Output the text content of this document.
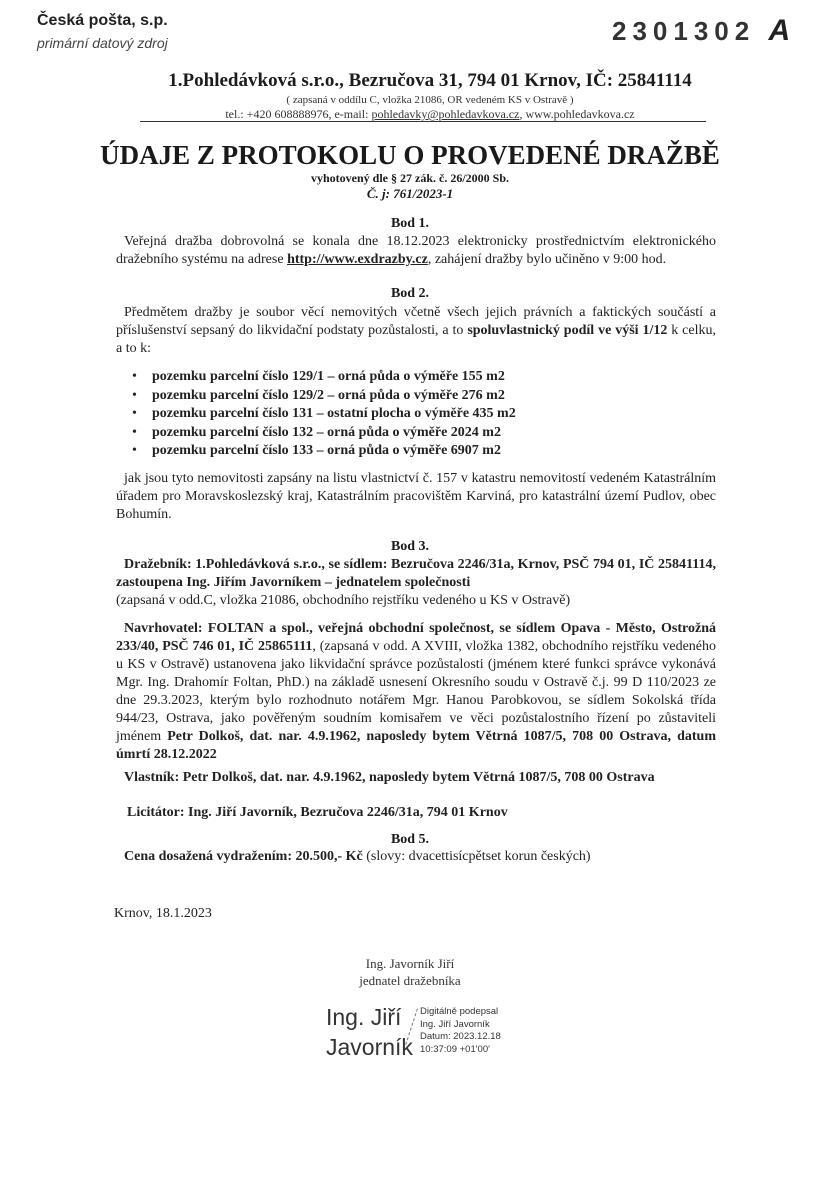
Česká pošta, s.p.
primární datový zdroj	2301302 A
1.Pohledávková s.r.o., Bezručova 31, 794 01 Krnov, IČ: 25841114
( zapsaná v oddílu C, vložka 21086, OR vedeném KS v Ostravě )
tel.: +420 608888976, e-mail: pohledavky@pohledavkova.cz, www.pohledavkova.cz
ÚDAJE Z PROTOKOLU O PROVEDENÉ DRAŽBĚ
vyhotovený dle § 27 zák. č. 26/2000 Sb.
Č. j: 761/2023-1
Bod 1.
Veřejná dražba dobrovolná se konala dne 18.12.2023 elektronicky prostřednictvím elektronického dražebního systému na adrese http://www.exdrazby.cz, zahájení dražby bylo učiněno v 9:00 hod.
Bod 2.
Předmětem dražby je soubor věcí nemovitých včetně všech jejich právních a faktických součástí a příslušenství sepsaný do likvidační podstaty pozůstalosti, a to spoluvlastnický podíl ve výši 1/12 k celku, a to k:
• pozemku parcelní číslo 129/1 – orná půda o výměře 155 m2
• pozemku parcelní číslo 129/2 – orná půda o výměře 276 m2
• pozemku parcelní číslo 131 – ostatní plocha o výměře 435 m2
• pozemku parcelní číslo 132 – orná půda o výměře 2024 m2
• pozemku parcelní číslo 133 – orná půda o výměře 6907 m2
jak jsou tyto nemovitosti zapsány na listu vlastnictví č. 157 v katastru nemovitostí vedeném Katastrálním úřadem pro Moravskoslezský kraj, Katastrálním pracovištěm Karviná, pro katastrální území Pudlov, obec Bohumín.
Bod 3.
Dražebník: 1.Pohledávková s.r.o., se sídlem: Bezručova 2246/31a, Krnov, PSČ 794 01, IČ 25841114, zastoupena Ing. Jiřím Javorníkem – jednatelem společnosti
(zapsaná v odd.C, vložka 21086, obchodního rejstříku vedeného u KS v Ostravě)
Navrhovatel: FOLTAN a spol., veřejná obchodní společnost, se sídlem Opava - Město, Ostrožná 233/40, PSČ 746 01, IČ 25865111, (zapsaná v odd. A XVIII, vložka 1382, obchodního rejstříku vedeného u KS v Ostravě) ustanovena jako likvidační správce pozůstalosti (jménem které funkci správce vykonává Mgr. Ing. Drahomír Foltan, PhD.) na základě usnesení Okresního soudu v Ostravě č.j. 99 D 110/2023 ze dne 29.3.2023, kterým bylo rozhodnuto notářem Mgr. Hanou Parobkovou, se sídlem Sokolská třída 944/23, Ostrava, jako pověřeným soudním komisařem ve věci pozůstalostního řízení po zůstaviteli jménem Petr Dolkoš, dat. nar. 4.9.1962, naposledy bytem Větrná 1087/5, 708 00 Ostrava, datum úmrtí 28.12.2022
Vlastník: Petr Dolkoš, dat. nar. 4.9.1962, naposledy bytem Větrná 1087/5, 708 00 Ostrava
Licitátor: Ing. Jiří Javorník, Bezručova 2246/31a, 794 01 Krnov
Bod 5.
Cena dosažená vydražením: 20.500,- Kč (slovy: dvacettisícpětset korun českých)
Krnov, 18.1.2023
Ing. Javorník Jiří
jednatel dražebníka
Ing. Jiří
Javorník
Digitálně podepsal
Ing. Jiří Javorník
Datum: 2023.12.18
10:37:09 +01'00'
